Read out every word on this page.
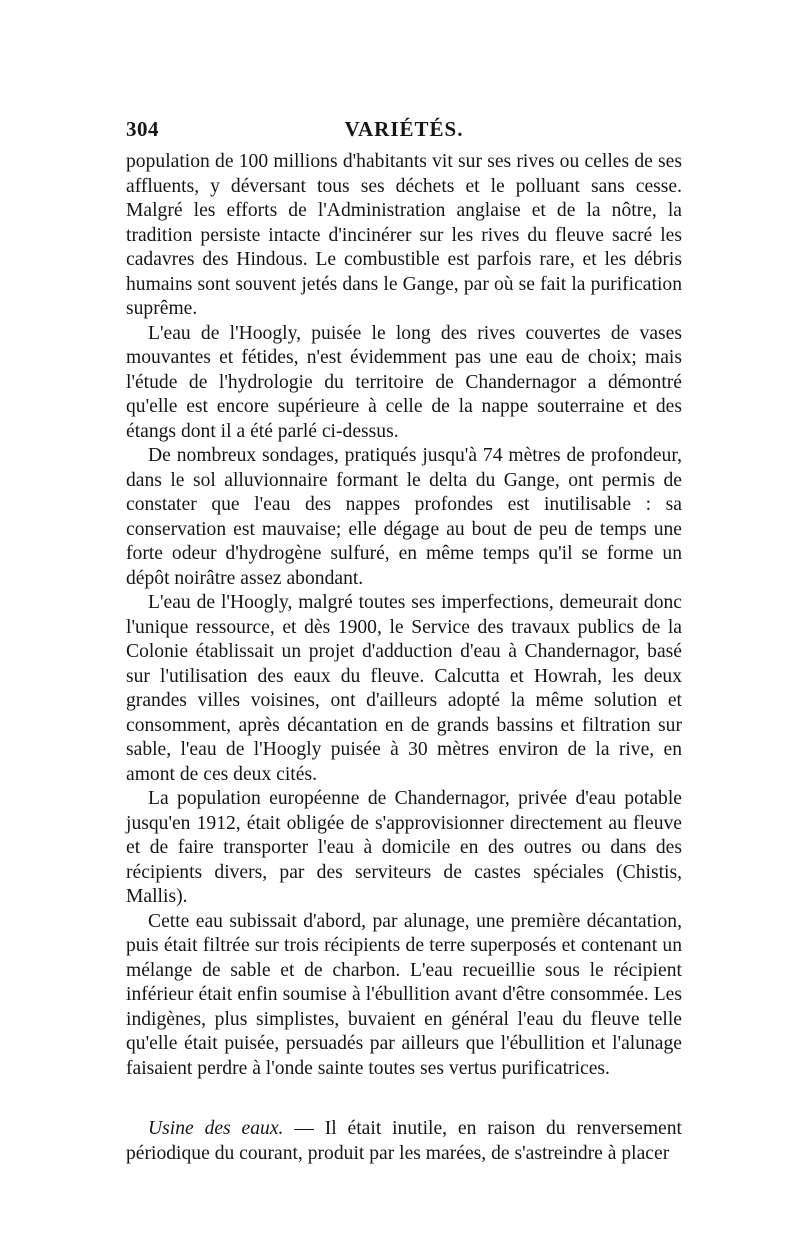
304	VARIÉTÉS.

population de 100 millions d'habitants vit sur ses rives ou celles de ses affluents, y déversant tous ses déchets et le polluant sans cesse. Malgré les efforts de l'Administration anglaise et de la nôtre, la tradition persiste intacte d'incinérer sur les rives du fleuve sacré les cadavres des Hindous. Le combustible est parfois rare, et les débris humains sont souvent jetés dans le Gange, par où se fait la purification suprême.

L'eau de l'Hoogly, puisée le long des rives couvertes de vases mouvantes et fétides, n'est évidemment pas une eau de choix; mais l'étude de l'hydrologie du territoire de Chandernagor a démontré qu'elle est encore supérieure à celle de la nappe souterraine et des étangs dont il a été parlé ci-dessus.

De nombreux sondages, pratiqués jusqu'à 74 mètres de profondeur, dans le sol alluvionnaire formant le delta du Gange, ont permis de constater que l'eau des nappes profondes est inutilisable : sa conservation est mauvaise; elle dégage au bout de peu de temps une forte odeur d'hydrogène sulfuré, en même temps qu'il se forme un dépôt noirâtre assez abondant.

L'eau de l'Hoogly, malgré toutes ses imperfections, demeurait donc l'unique ressource, et dès 1900, le Service des travaux publics de la Colonie établissait un projet d'adduction d'eau à Chandernagor, basé sur l'utilisation des eaux du fleuve. Calcutta et Howrah, les deux grandes villes voisines, ont d'ailleurs adopté la même solution et consomment, après décantation en de grands bassins et filtration sur sable, l'eau de l'Hoogly puisée à 30 mètres environ de la rive, en amont de ces deux cités.

La population européenne de Chandernagor, privée d'eau potable jusqu'en 1912, était obligée de s'approvisionner directement au fleuve et de faire transporter l'eau à domicile en des outres ou dans des récipients divers, par des serviteurs de castes spéciales (Chistis, Mallis).

Cette eau subissait d'abord, par alunage, une première décantation, puis était filtrée sur trois récipients de terre superposés et contenant un mélange de sable et de charbon. L'eau recueillie sous le récipient inférieur était enfin soumise à l'ébullition avant d'être consommée. Les indigènes, plus simplistes, buvaient en général l'eau du fleuve telle qu'elle était puisée, persuadés par ailleurs que l'ébullition et l'alunage faisaient perdre à l'onde sainte toutes ses vertus purificatrices.

Usine des eaux. — Il était inutile, en raison du renversement périodique du courant, produit par les marées, de s'astreindre à placer
